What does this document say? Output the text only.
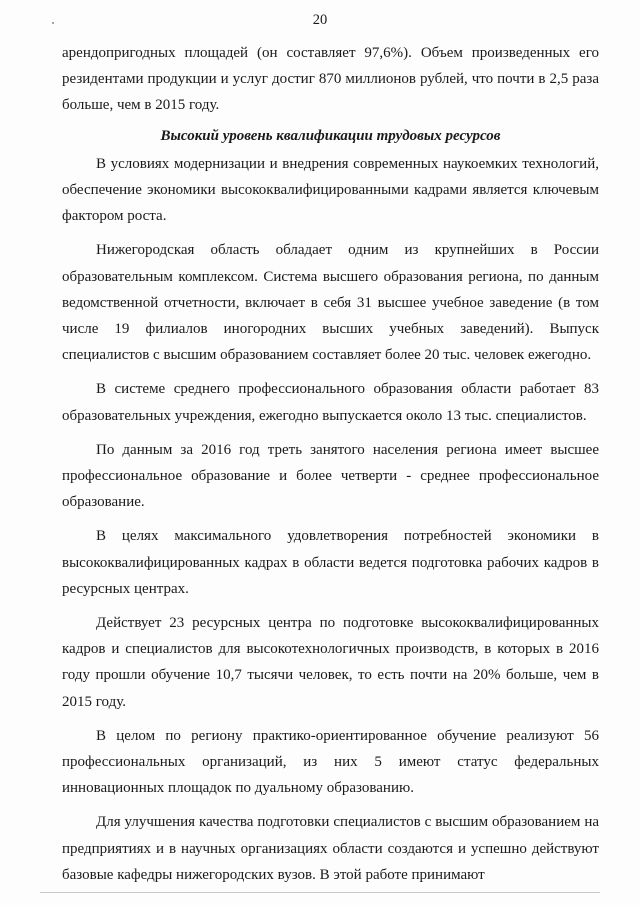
20

арендопригодных площадей (он составляет 97,6%). Объем произведенных его резидентами продукции и услуг достиг 870 миллионов рублей, что почти в 2,5 раза больше, чем в 2015 году.

Высокий уровень квалификации трудовых ресурсов

В условиях модернизации и внедрения современных наукоемких технологий, обеспечение экономики высококвалифицированными кадрами является ключевым фактором роста.

Нижегородская область обладает одним из крупнейших в России образовательным комплексом. Система высшего образования региона, по данным ведомственной отчетности, включает в себя 31 высшее учебное заведение (в том числе 19 филиалов иногородних высших учебных заведений). Выпуск специалистов с высшим образованием составляет более 20 тыс. человек ежегодно.

В системе среднего профессионального образования области работает 83 образовательных учреждения, ежегодно выпускается около 13 тыс. специалистов.

По данным за 2016 год треть занятого населения региона имеет высшее профессиональное образование и более четверти - среднее профессиональное образование.

В целях максимального удовлетворения потребностей экономики в высококвалифицированных кадрах в области ведется подготовка рабочих кадров в ресурсных центрах.

Действует 23 ресурсных центра по подготовке высококвалифицированных кадров и специалистов для высокотехнологичных производств, в которых в 2016 году прошли обучение 10,7 тысячи человек, то есть почти на 20% больше, чем в 2015 году.

В целом по региону практико-ориентированное обучение реализуют 56 профессиональных организаций, из них 5 имеют статус федеральных инновационных площадок по дуальному образованию.

Для улучшения качества подготовки специалистов с высшим образованием на предприятиях и в научных организациях области создаются и успешно действуют базовые кафедры нижегородских вузов. В этой работе принимают
